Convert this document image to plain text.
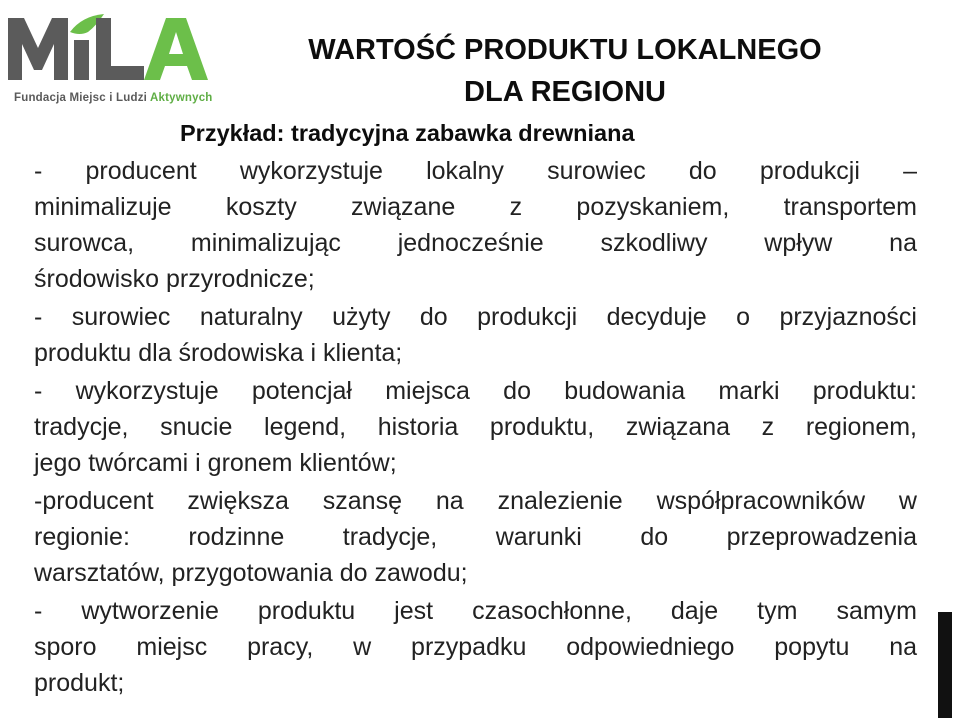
Fundacja Miejsc i Ludzi Aktywnych
WARTOŚĆ PRODUKTU LOKALNEGO
DLA REGIONU
Przykład: tradycyjna zabawka drewniana
- producent wykorzystuje lokalny surowiec do produkcji –
minimalizuje koszty związane z pozyskaniem, transportem
surowca, minimalizując jednocześnie szkodliwy wpływ na
środowisko przyrodnicze;
- surowiec naturalny użyty do produkcji decyduje o przyjazności
produktu dla środowiska i klienta;
- wykorzystuje potencjał miejsca do budowania marki produktu:
tradycje, snucie legend, historia produktu, związana z regionem,
jego twórcami i gronem klientów;
-producent zwiększa szansę na znalezienie współpracowników w
regionie: rodzinne tradycje, warunki do przeprowadzenia
warsztatów, przygotowania do zawodu;
- wytworzenie produktu jest czasochłonne, daje tym samym
sporo miejsc pracy, w przypadku odpowiedniego popytu na
produkt;
